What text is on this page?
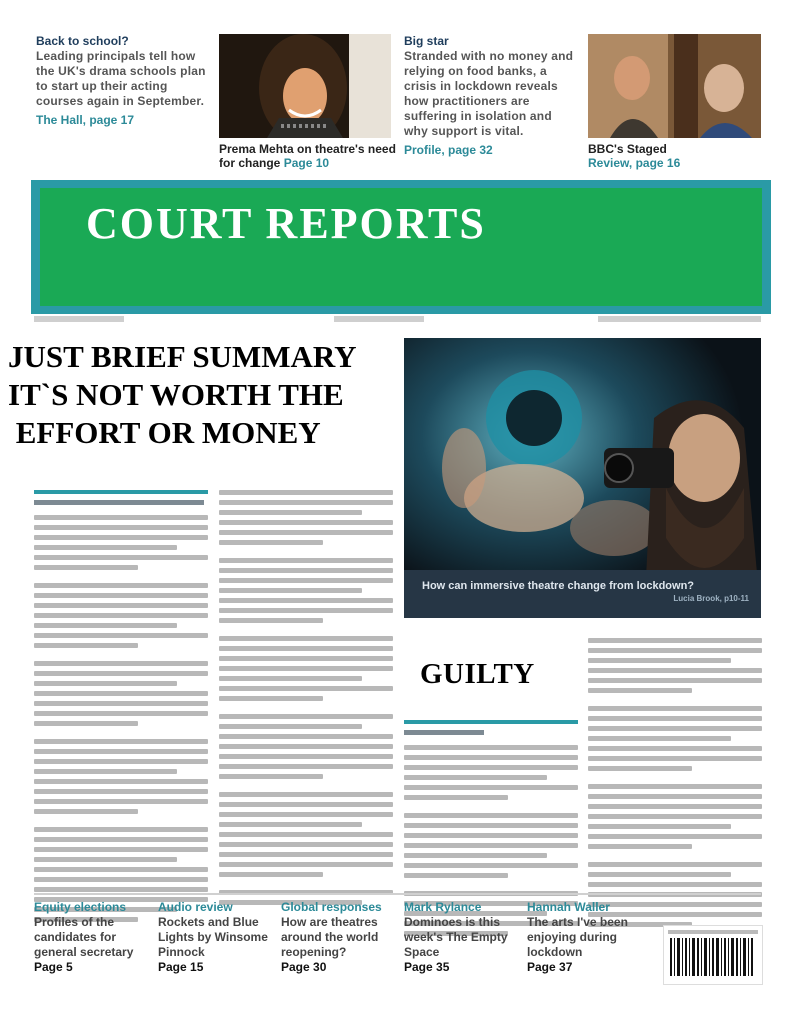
Back to school?
Leading principals tell how the UK's drama schools plan to start up their acting courses again in September.
The Hall, page 17
Prema Mehta on theatre's need for change Page 10
Big star
Stranded with no money and relying on food banks, a crisis in lockdown reveals how practitioners are suffering in isolation and why support is vital.
Profile, page 32	BBC's Staged
Review, page 16
COURT REPORTS
JUST BRIEF SUMMARY
IT`S NOT WORTH THE
EFFORT OR MONEY
How can immersive theatre change from lockdown?
Lucia Brook, p10-11
GUILTY
Equity elections
Profiles of the candidates for general secretary
Page 5
Audio review
Rockets and Blue Lights by Winsome Pinnock
Page 15
Global responses
How are theatres around the world reopening?
Page 30
Mark Rylance
Dominoes is this week's The Empty Space
Page 35
Hannah Waller
The arts I've been enjoying during lockdown
Page 37
